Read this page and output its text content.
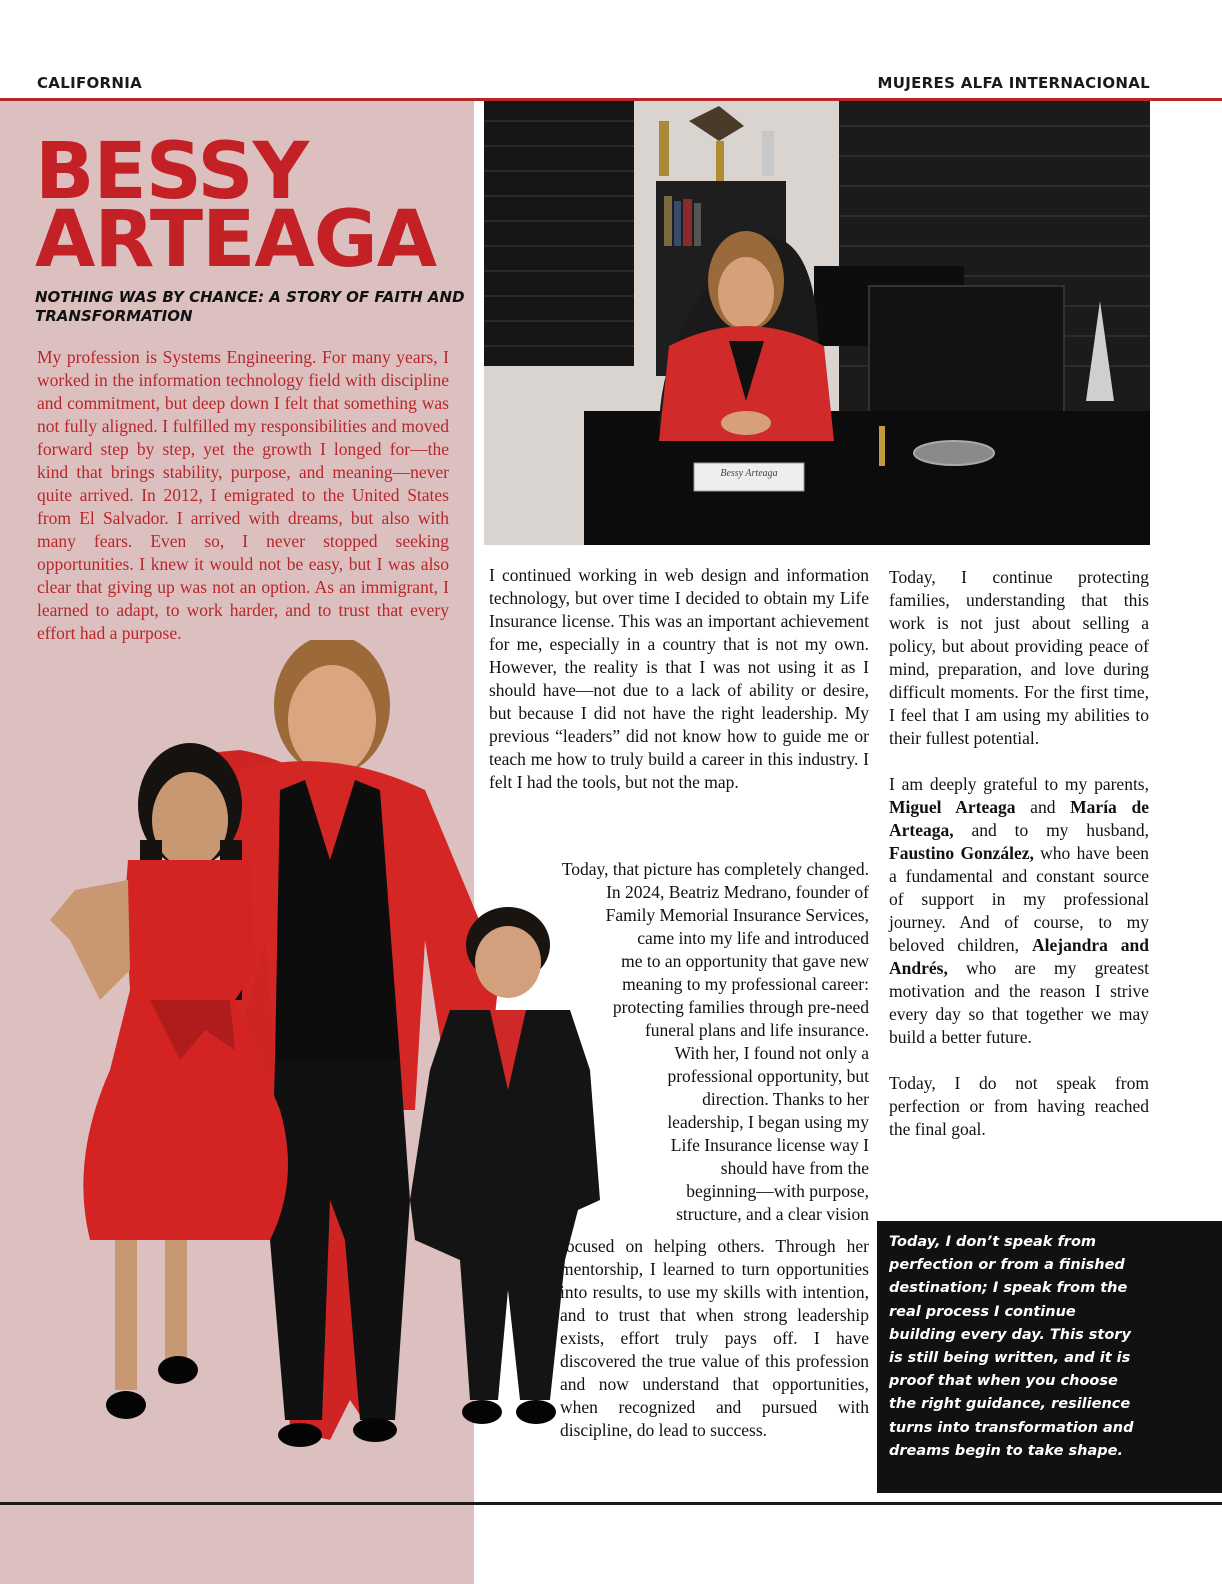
CALIFORNIA	MUJERES ALFA INTERNACIONAL
BESSY
ARTEAGA

NOTHING WAS BY CHANCE: A STORY OF FAITH AND TRANSFORMATION

My profession is Systems Engineering. For many years, I worked in the information technology field with discipline and commitment, but deep down I felt that something was not fully aligned. I fulfilled my responsibilities and moved forward step by step, yet the growth I longed for—the kind that brings stability, purpose, and meaning—never quite arrived. In 2012, I emigrated to the United States from El Salvador. I arrived with dreams, but also with many fears. Even so, I never stopped seeking opportunities. I knew it would not be easy, but I was also clear that giving up was not an option. As an immigrant, I learned to adapt, to work harder, and to trust that every effort had a purpose.

Bessy Arteaga

I continued working in web design and information technology, but over time I decided to obtain my Life Insurance license. This was an important achievement for me, especially in a country that is not my own. However, the reality is that I was not using it as I should have—not due to a lack of ability or desire, but because I did not have the right leadership. My previous “leaders” did not know how to guide me or teach me how to truly build a career in this industry. I felt I had the tools, but not the map.

Today, that picture has completely changed.
In 2024, Beatriz Medrano, founder of
Family Memorial Insurance Services,
came into my life and introduced
me to an opportunity that gave new
meaning to my professional career:
protecting families through pre-need
funeral plans and life insurance.
With her, I found not only a
professional opportunity, but
direction. Thanks to her
leadership, I began using my
Life Insurance license way I
should have from the
beginning—with purpose,
structure, and a clear vision

focused on helping others. Through her mentorship, I learned to turn opportunities into results, to use my skills with intention, and to trust that when strong leadership exists, effort truly pays off. I have discovered the true value of this profession and now understand that opportunities, when recognized and pursued with discipline, do lead to success.

Today, I continue protecting families, understanding that this work is not just about selling a policy, but about providing peace of mind, preparation, and love during difficult moments. For the first time, I feel that I am using my abilities to their fullest potential.

I am deeply grateful to my parents, Miguel Arteaga and María de Arteaga, and to my husband, Faustino González, who have been a fundamental and constant source of support in my professional journey. And of course, to my beloved children, Alejandra and Andrés, who are my greatest motivation and the reason I strive every day so that together we may build a better future.

Today, I do not speak from perfection or from having reached the final goal.

Today, I don’t speak from perfection or from a finished destination; I speak from the real process I continue building every day. This story is still being written, and it is proof that when you choose the right guidance, resilience turns into transformation and dreams begin to take shape.
